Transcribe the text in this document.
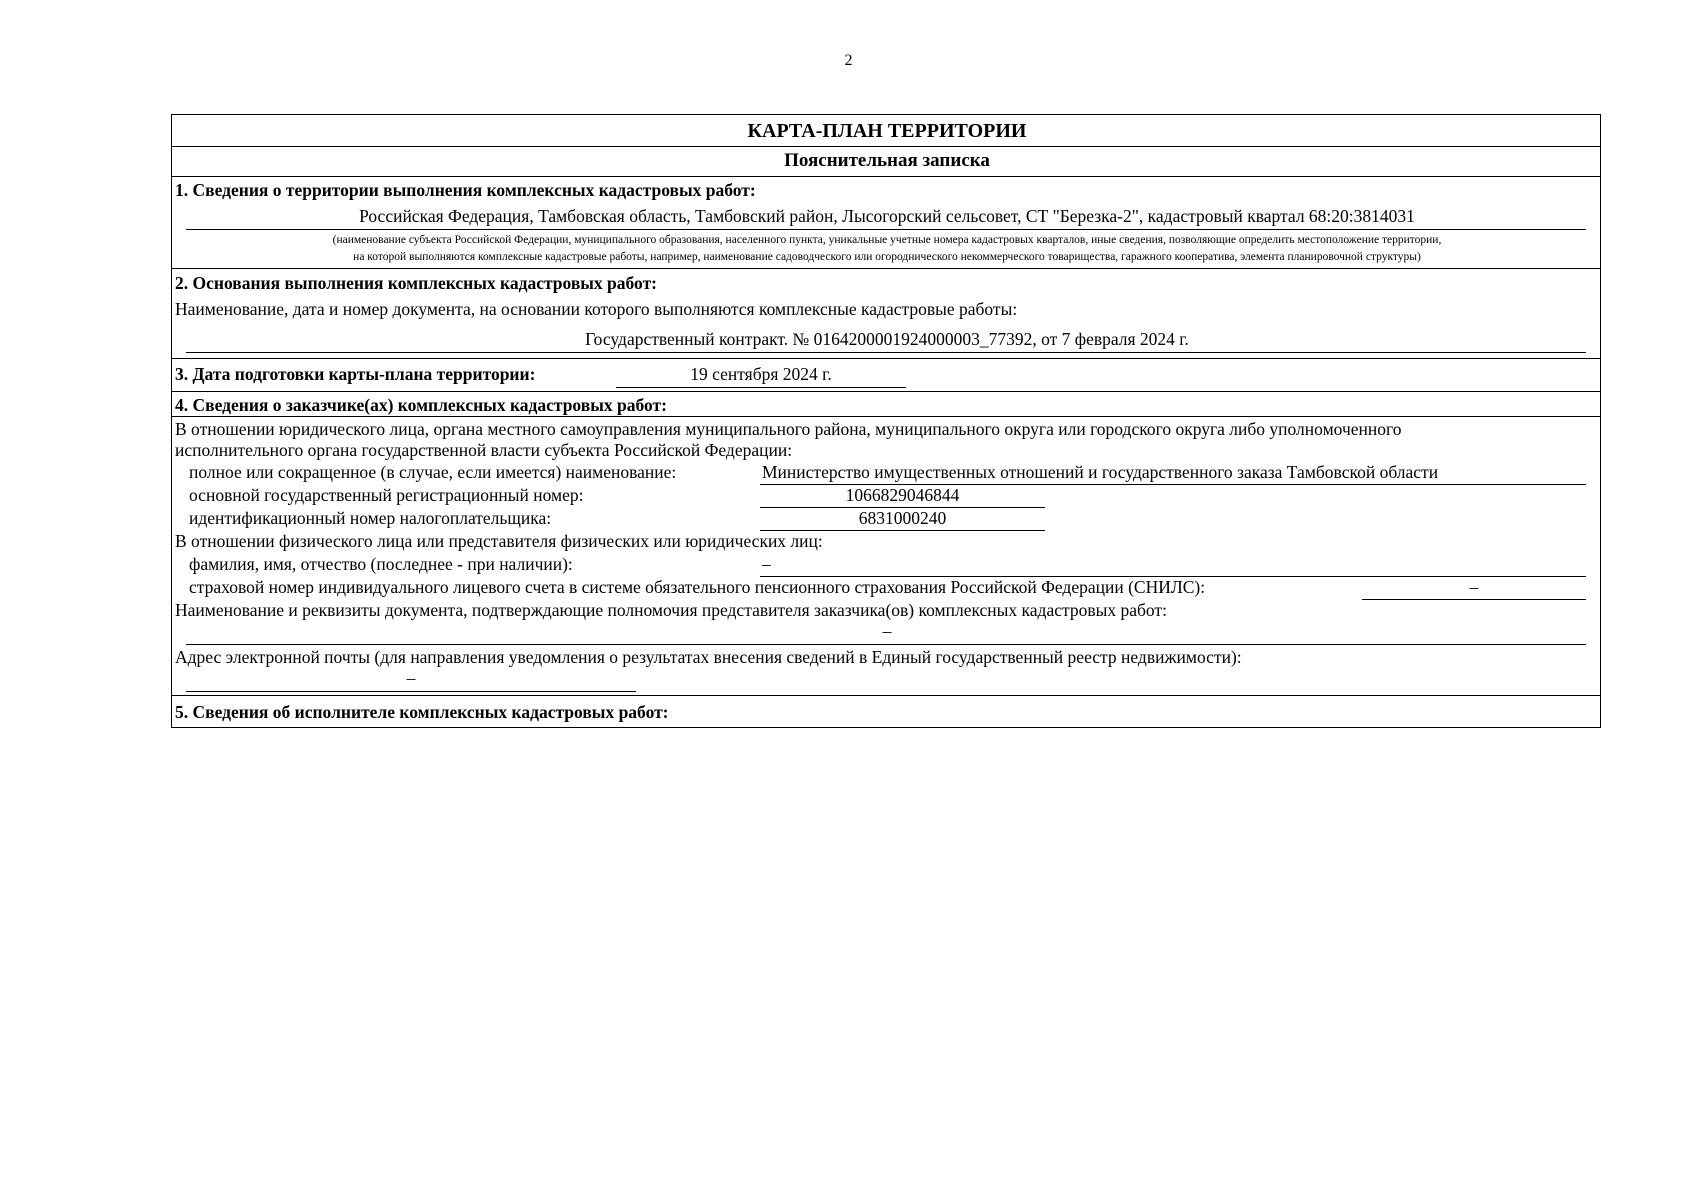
2
КАРТА-ПЛАН ТЕРРИТОРИИ
Пояснительная записка
1. Сведения о территории выполнения комплексных кадастровых работ:
Российская Федерация, Тамбовская область, Тамбовский район, Лысогорский сельсовет, СТ "Березка-2", кадастровый квартал 68:20:3814031
(наименование субъекта Российской Федерации, муниципального образования, населенного пункта, уникальные учетные номера кадастровых кварталов, иные сведения, позволяющие определить местоположение территории,
на которой выполняются комплексные кадастровые работы, например, наименование садоводческого или огороднического некоммерческого товарищества, гаражного кооператива, элемента планировочной структуры)
2. Основания выполнения комплексных кадастровых работ:
Наименование, дата и номер документа, на основании которого выполняются комплексные кадастровые работы:
Государственный контракт. № 0164200001924000003_77392, от 7 февраля 2024 г.
3. Дата подготовки карты-плана территории:	19 сентября 2024 г.
4. Сведения о заказчике(ах) комплексных кадастровых работ:
В отношении юридического лица, органа местного самоуправления муниципального района, муниципального округа или городского округа либо уполномоченного
исполнительного органа государственной власти субъекта Российской Федерации:
полное или сокращенное (в случае, если имеется) наименование:	Министерство имущественных отношений и государственного заказа Тамбовской области
основной государственный регистрационный номер:	1066829046844
идентификационный номер налогоплательщика:	6831000240
В отношении физического лица или представителя физических или юридических лиц:
фамилия, имя, отчество (последнее - при наличии):	–
страховой номер индивидуального лицевого счета в системе обязательного пенсионного страхования Российской Федерации (СНИЛС):	–
Наименование и реквизиты документа, подтверждающие полномочия представителя заказчика(ов) комплексных кадастровых работ:
–
Адрес электронной почты (для направления уведомления о результатах внесения сведений в Единый государственный реестр недвижимости):
–
5. Сведения об исполнителе комплексных кадастровых работ:
